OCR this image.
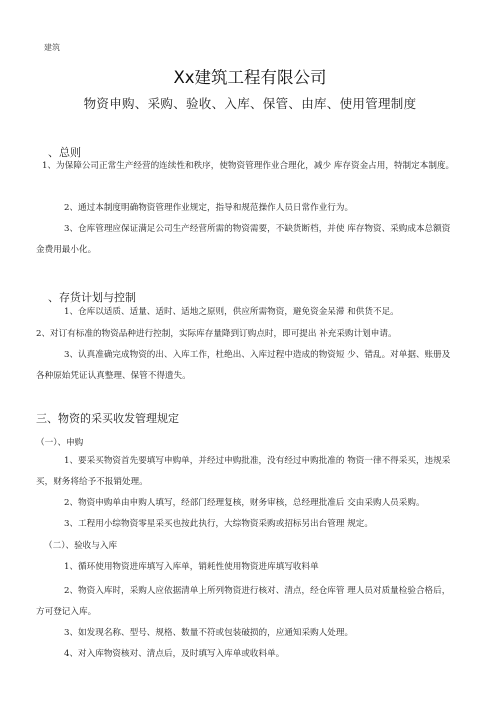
建筑
Xx建筑工程有限公司
物资申购、采购、验收、入库、保管、由库、使用管理制度
、总则
1、为保障公司正常生产经营的连续性和秩序，使物资管理作业合理化，减少 库存资金占用，特制定本制度。
2、通过本制度明确物资管理作业规定，指导和规范操作人员日常作业行为。
3、仓库管理应保证满足公司生产经营所需的物资需要，不缺货断档，并使 库存物资、采购成本总额资金费用最小化。
、存货计划与控制
1、仓库以适质、适量、适时、适地之原则，供应所需物资，避免资金呆滞 和供货不足。
2、对订有标准的物资品种进行控制，实际库存量降到订购点时，即可提出 补充采购计划申请。
3、认真准确完成物资的出、入库工作，杜绝出、入库过程中造成的物资短 少、错乱。对单据、账册及各种原始凭证认真整理、保管不得遗失。
三、物资的采买收发管理规定
（一）、申购
1、要采买物资首先要填写申购单，并经过申购批准，没有经过申购批准的 物资一律不得采买，违规采买，财务将给予不报销处理。
2、物资申购单由申购人填写，经部门经理复核，财务审核，总经理批准后 交由采购人员采购。
3、工程用小综物资零星采买也按此执行，大综物资采购或招标另出台管理 规定。
（二）、验收与入库
1、循环使用物资进库填写入库单，销耗性使用物资进库填写收料单
2、物资入库时，采购人应依据清单上所列物资进行核对、清点，经仓库管 理人员对质量检验合格后，方可登记入库。
3、如发现名称、型号、规格、数量不符或包装破损的，应通知采购人处理。
4、对入库物资核对、清点后，及时填写入库单或收料单。
